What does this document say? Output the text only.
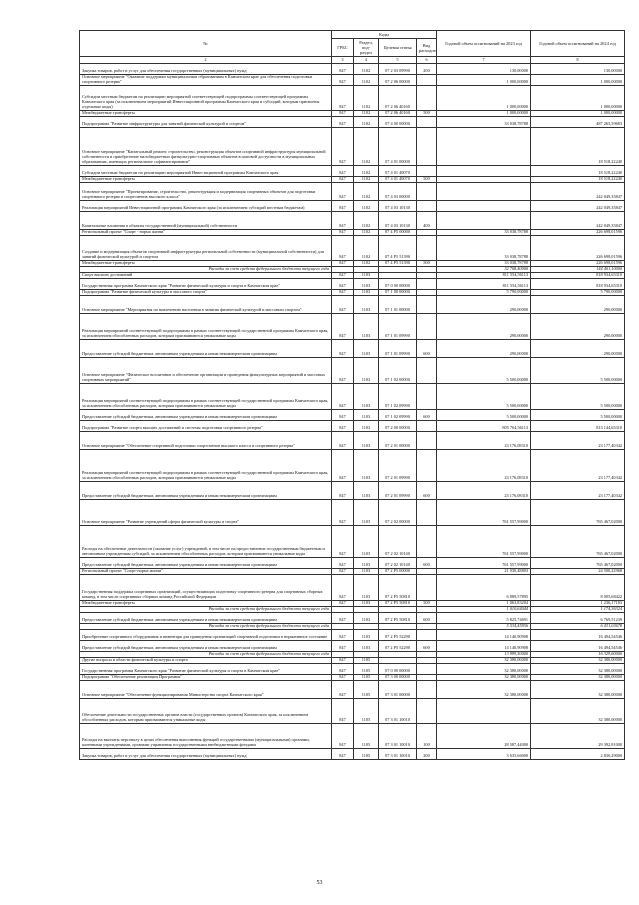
№	Коды				Годовой объем ассигнований на 2023 год	Годовой объем ассигнований на 2024 год
	ГРБС	Раздел, под-раздел	Целевая статья	Вид расходов		
2	3	4	5	6	7	8
Закупка товаров, работ и услуг для обеспечения государственных (муниципальных) нужд	847	1102	07 2 03 09990	200	130,00000	130,00000
Основное мероприятие "Оказание поддержки муниципальным образованиям в Камчатском крае для обеспечения подготовки спортивного резерва"	847	1102	07 2 06 00000		1 000,00000	1 000,00000
Субсидии местным бюджетам на реализацию мероприятий соответствующей подпрограммы соответствующей программы Камчатского края (за исключением мероприятий Инвестиционной программы Камчатского края и субсидий, которым присвоены отдельные коды)	847	1102	07 2 06 40160		1 000,00000	1 000,00000
Межбюджетные трансферты	847	1102	07 2 06 40160	500	1 000,00000	1 000,00000
Подпрограмма "Развитие инфраструктуры для занятий физической культурой и спортом"	847	1102	07 4 00 00000		33 038,78788	487 265,59683
Основное мероприятие "Капитальный ремонт, строительство, реконструкция объектов спортивной инфраструктуры муниципальной собственности и приобретение малобюджетных физкультурно-спортивных объектов в шаговой доступности в муниципальных образованиях, имеющих региональное софинансирование"	847	1102	07 4 01 00000			18 518,22240
Субсидии местным бюджетам на реализацию мероприятий Инвестиционной программы Камчатского края	847	1102	07 4 01 40070			18 518,22240
Межбюджетные трансферты	847	1102	07 4 01 40070	500		18 518,22240
Основное мероприятие "Проектирование, строительство, реконструкция и модернизация спортивных объектов для подготовки спортивного резерва и спортсменов высокого класса"	847	1102	07 4 03 00000			242 049,35847
Реализация мероприятий Инвестиционной программы Камчатского края (за исключением субсидий местным бюджетам)	847	1102	07 4 03 10130			242 049,35847
Капитальные вложения в объекты государственной (муниципальной) собственности	847	1102	07 4 03 10130	400		242 049,35847
Региональный проект "Спорт - норма жизни"	847	1102	07 4 P5 00000		33 038,78788	226 698,01596
Создание и модернизация объектов спортивной инфраструктуры региональной собственности (муниципальной собственности) для занятий физической культурой и спортом	847	1102	07 4 P5 51390		33 038,78788	226 698,01596
Межбюджетные трансферты	847	1102	07 4 P5 51390	500	33 038,78788	226 698,01596
Расходы за счет средств федерального бюджета текущего года					32 708,40000	144 401,10000
Спорт высших достижений	847	1103			811 554,56113	818 934,65310
Государственная программа Камчатского края "Развитие физической культуры и спорта в Камчатском крае"	847	1103	07 0 00 00000		811 554,56113	818 934,65310
Подпрограмма "Развитие физической культуры и массового спорта"	847	1103	07 1 00 00000		5 790,00000	5 790,00000
Основное мероприятие "Мероприятия по вовлечению населения в занятия физической культурой и массовым спортом"	847	1103	07 1 01 00000		290,00000	290,00000
Реализация мероприятий соответствующей подпрограммы в рамках соответствующей государственной программы Камчатского края, за исключением обособленных расходов, которым присваиваются уникальные коды	847	1103	07 1 01 09990		290,00000	290,00000
Предоставление субсидий бюджетным, автономным учреждениям и иным некоммерческим организациям	847	1103	07 1 01 09990	600	290,00000	290,00000
Основное мероприятие "Физическое воспитание и обеспечение организации и проведения физкультурных мероприятий и массовых спортивных мероприятий"	847	1103	07 1 02 00000		5 500,00000	5 500,00000
Реализация мероприятий соответствующей подпрограммы в рамках соответствующей государственной программы Камчатского края, за исключением обособленных расходов, которым присваиваются уникальные коды	847	1103	07 1 02 09990		5 500,00000	5 500,00000
Предоставление субсидий бюджетным, автономным учреждениям и иным некоммерческим организациям	847	1103	07 1 02 09990	600	5 500,00000	5 500,00000
Подпрограмма "Развитие спорта высших достижений и системы подготовки спортивного резерва"	847	1103	07 2 00 00000		805 764,56113	813 144,65310
Основное мероприятие "Обеспечение спортивной подготовки спортсменов высокого класса и спортивного резерва"	847	1103	07 2 01 00000		23 176,08310	23 177,40342
Реализация мероприятий соответствующей подпрограммы в рамках соответствующей государственной программы Камчатского края, за исключением обособленных расходов, которым присваиваются уникальные коды	847	1103	07 2 01 09990		23 176,08310	23 177,40342
Предоставление субсидий бюджетным, автономным учреждениям и иным некоммерческим организациям	847	1103	07 2 01 09990	600	23 176,08310	23 177,40342
Основное мероприятие "Развитие учреждений сферы физической культуры и спорта"	847	1103	07 2 02 00000		761 557,99000	765 467,02000
Расходы на обеспечение деятельности (оказание услуг) учреждений, в том числе на предоставление государственным бюджетным и автономным учреждениям субсидий, за исключением обособленных расходов, которым присваиваются уникальные коды	847	1103	07 2 02 10140		761 557,99000	765 467,02000
Предоставление субсидий бюджетным, автономным учреждениям и иным некоммерческим организациям	847	1103	07 2 02 10140	600	761 557,99000	765 467,02000
Региональный проект "Спорт-норма жизни"	847	1103	07 2 P5 00000		21 030,48803	24 500,22968
Государственная поддержка спортивных организаций, осуществляющих подготовку спортивного резерва для спортивных сборных команд, в том числе спортивных сборных команд Российской Федерации	847	1103	07 2 P5 50810		6 889,57895	8 005,68422
Межбюджетные трансферты	847	1103	07 2 P5 50810	500	1 063,83204	1 236,17183
Расходы за счет средств федерального бюджета текущего года					1 010,64044	1 174,36324
Предоставление субсидий бюджетным, автономным учреждениям и иным некоммерческим организациям	847	1103	07 2 P5 50810	600	5 825,74691	6 769,51239
Расходы за счет средств федерального бюджета текущего года					5 534,45956	6 431,03678
Приобретение спортивного оборудования и инвентаря для приведения организаций спортивной подготовки в нормативное состояние	847	1103	07 2 P5 52290		14 140,90908	16 494,54546
Предоставление субсидий бюджетным, автономным учреждениям и иным некоммерческим организациям	847	1103	07 2 P5 52290	600	14 140,90908	16 494,54546
Расходы за счет средств федерального бюджета текущего года					13 999,50000	16 329,60000
Другие вопросы в области физической культуры и спорта	847	1105			32 380,00000	32 380,00000
Государственная программа Камчатского края "Развитие физической культуры и спорта в Камчатском крае"	847	1105	07 0 00 00000		32 380,00000	32 380,00000
Подпрограмма "Обеспечение реализации Программы"	847	1105	07 3 00 00000		32 380,00000	32 380,00000
Основное мероприятие "Обеспечение функционирования Министерства спорта Камчатского края"	847	1105	07 3 01 00000		32 380,00000	32 380,00000
Обеспечение деятельности государственных органов власти (государственных органов) Камчатского края, за исключением обособленных расходов, которым присваиваются уникальные коды	847	1105	07 3 01 10010			32 380,00000
Расходы на выплаты персоналу в целях обеспечения выполнения функций государственными (муниципальными) органами, казенными учреждениями, органами управления государственными внебюджетными фондами	847	1105	07 3 01 10010	100	28 587,44000	29 392,81000
Закупка товаров, работ и услуг для обеспечения государственных (муниципальных) нужд	847	1105	07 3 01 10010	200	3 635,66000	2 830,29000
53
